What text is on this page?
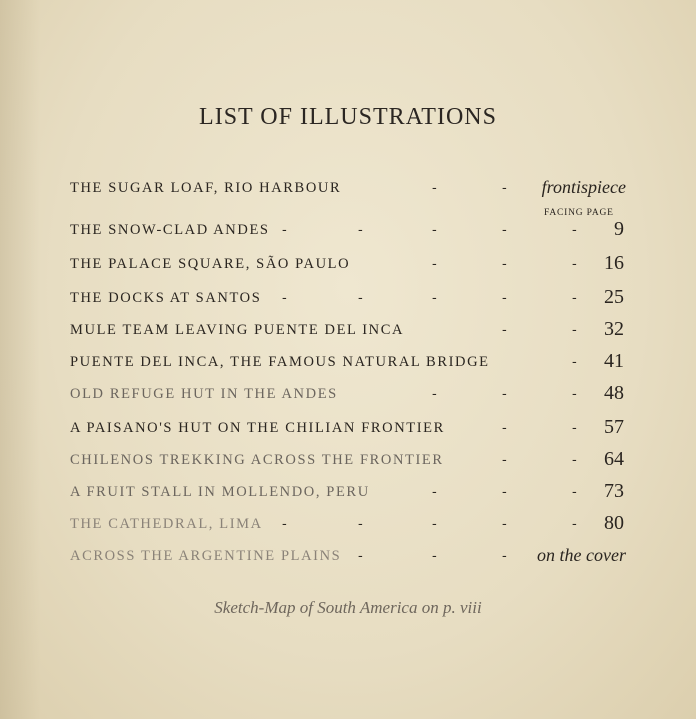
LIST OF ILLUSTRATIONS
THE SUGAR LOAF, RIO HARBOUR	-	- frontispiece
FACING PAGE
THE SNOW-CLAD ANDES -	-	-	-	- 9
THE PALACE SQUARE, SÃO PAULO	-	-	- 16
THE DOCKS AT SANTOS -	-	-	-	- 25
MULE TEAM LEAVING PUENTE DEL INCA	-	- 32
PUENTE DEL INCA, THE FAMOUS NATURAL BRIDGE	- 41
OLD REFUGE HUT IN THE ANDES	-	-	- 48
A PAISANO'S HUT ON THE CHILIAN FRONTIER	-	- 57
CHILENOS TREKKING ACROSS THE FRONTIER	-	- 64
A FRUIT STALL IN MOLLENDO, PERU	-	-	- 73
THE CATHEDRAL, LIMA -	-	-	-	- 80
ACROSS THE ARGENTINE PLAINS -	-	- on the cover
Sketch-Map of South America on p. viii
